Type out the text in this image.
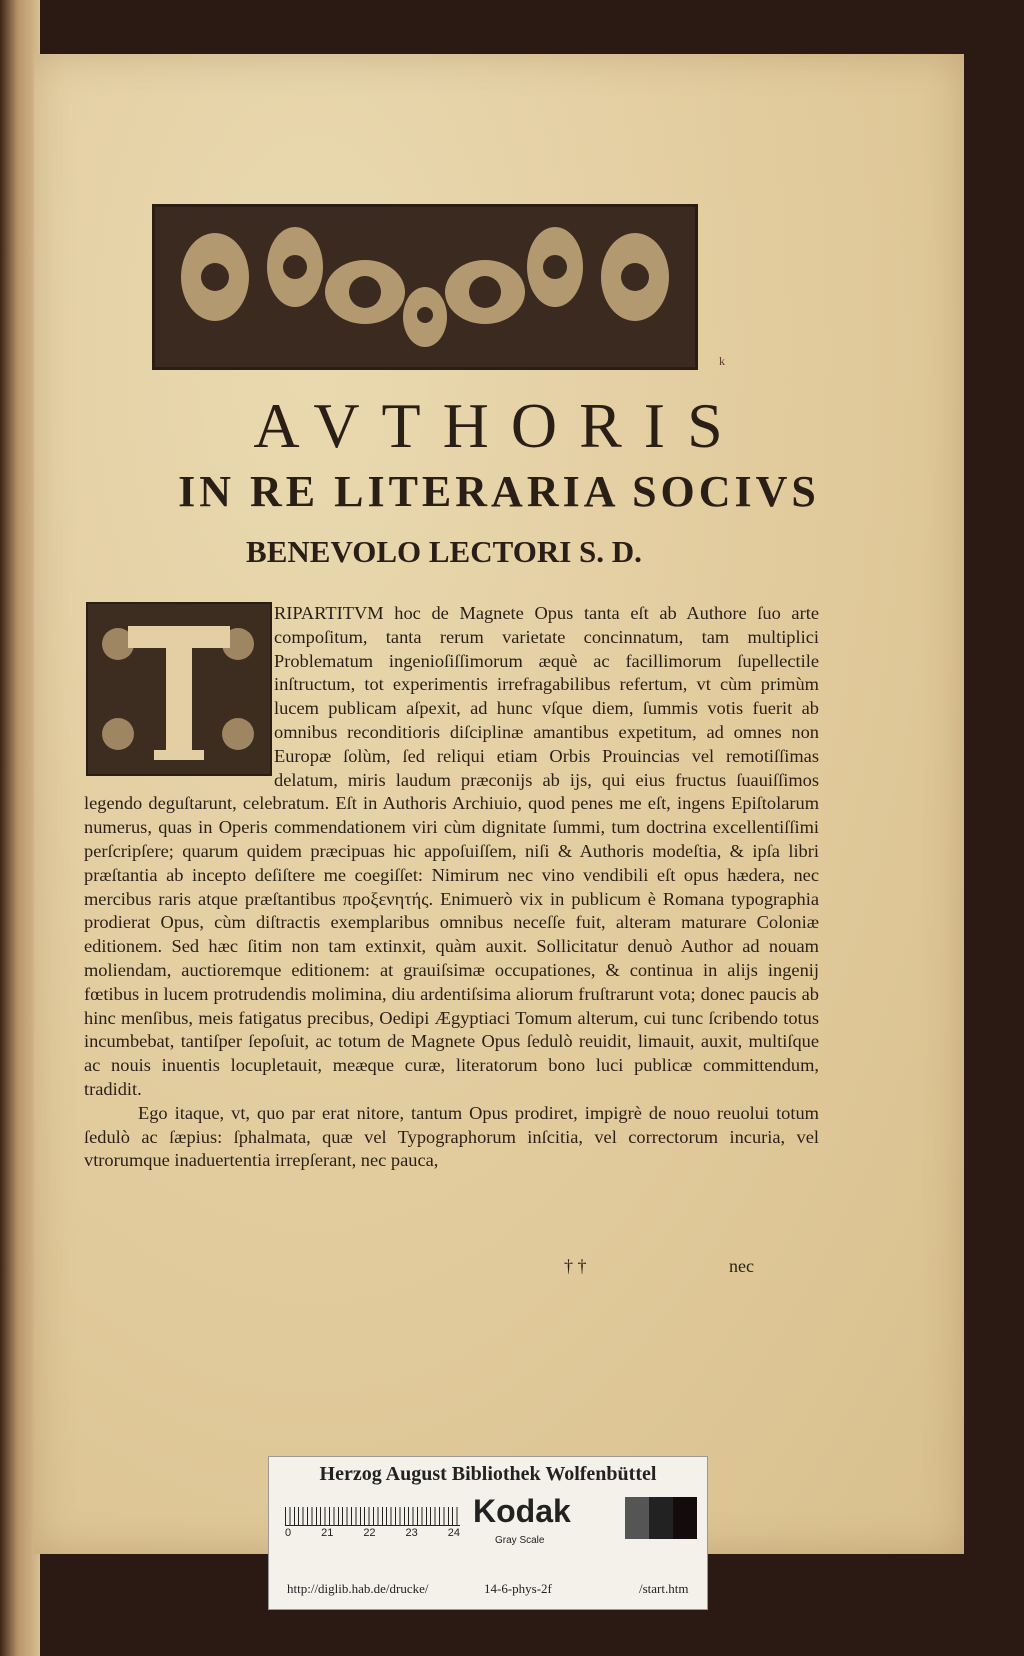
k
AVTHORIS
IN RE LITERARIA SOCIVS
BENEVOLO LECTORI S. D.

RIPARTITVM hoc de Magnete Opus tanta eſt ab Authore ſuo arte compoſitum, tanta rerum varietate concinnatum, tam multiplici Problematum ingenioſiſſimorum æquè ac facillimorum ſupellectile inſtructum, tot experimentis irrefragabilibus refertum, vt cùm primùm lucem publicam aſpexit, ad hunc vſque diem, ſummis votis fuerit ab omnibus reconditioris diſciplinæ amantibus expetitum, ad omnes non Europæ ſolùm, ſed reliqui etiam Orbis Prouincias vel remotiſſimas delatum, miris laudum præconijs ab ijs, qui eius fructus ſuauiſſimos legendo deguſtarunt, celebratum. Eſt in Authoris Archiuio, quod penes me eſt, ingens Epiſtolarum numerus, quas in Operis commendationem viri cùm dignitate ſummi, tum doctrina excellentiſſimi perſcripſere; quarum quidem præcipuas hic appoſuiſſem, niſi & Authoris modeſtia, & ipſa libri præſtantia ab incepto deſiſtere me coegiſſet: Nimirum nec vino vendibili eſt opus hædera, nec mercibus raris atque præſtantibus προξενητής. Enimuerò vix in publicum è Romana typographia prodierat Opus, cùm diſtractis exemplaribus omnibus neceſſe fuit, alteram maturare Coloniæ editionem. Sed hæc ſitim non tam extinxit, quàm auxit. Sollicitatur denuò Author ad nouam moliendam, auctioremque editionem: at grauiſsimæ occupationes, & continua in alijs ingenij fœtibus in lucem protrudendis molimina, diu ardentiſsima aliorum fruſtrarunt vota; donec paucis ab hinc menſibus, meis fatigatus precibus, Oedipi Ægyptiaci Tomum alterum, cui tunc ſcribendo totus incumbebat, tantiſper ſepoſuit, ac totum de Magnete Opus ſedulò reuidit, limauit, auxit, multiſque ac nouis inuentis locupletauit, meæque curæ, literatorum bono luci publicæ committendum, tradidit.

Ego itaque, vt, quo par erat nitore, tantum Opus prodiret, impigrè de nouo reuolui totum ſedulò ac ſæpius: ſphalmata, quæ vel Typographorum inſcitia, vel correctorum incuria, vel vtrorumque inaduertentia irrepſerant, nec pauca,

† †	nec
Herzog August Bibliothek Wolfenbüttel
0	21	22	23	24
Kodak
Gray Scale
http://diglib.hab.de/drucke/	14-6-phys-2f	/start.htm
